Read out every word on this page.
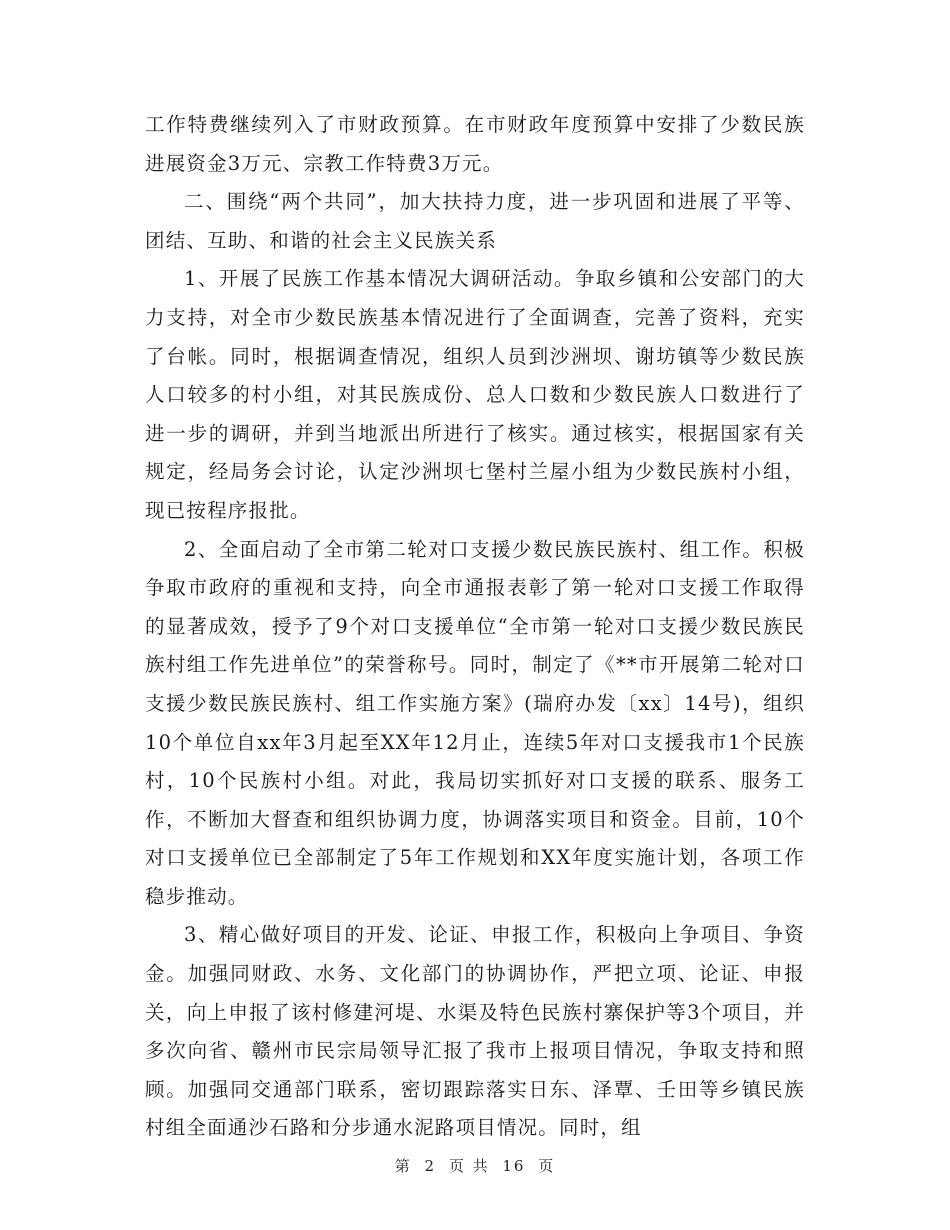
工作特费继续列入了市财政预算。在市财政年度预算中安排了少数民族进展资金3万元、宗教工作特费3万元。

二、围绕“两个共同”，加大扶持力度，进一步巩固和进展了平等、团结、互助、和谐的社会主义民族关系

1、开展了民族工作基本情况大调研活动。争取乡镇和公安部门的大力支持，对全市少数民族基本情况进行了全面调查，完善了资料，充实了台帐。同时，根据调查情况，组织人员到沙洲坝、谢坊镇等少数民族人口较多的村小组，对其民族成份、总人口数和少数民族人口数进行了进一步的调研，并到当地派出所进行了核实。通过核实，根据国家有关规定，经局务会讨论，认定沙洲坝七堡村兰屋小组为少数民族村小组，现已按程序报批。

2、全面启动了全市第二轮对口支援少数民族民族村、组工作。积极争取市政府的重视和支持，向全市通报表彰了第一轮对口支援工作取得的显著成效，授予了9个对口支援单位“全市第一轮对口支援少数民族民族村组工作先进单位”的荣誉称号。同时，制定了《**市开展第二轮对口支援少数民族民族村、组工作实施方案》(瑞府办发〔xx〕14号)，组织10个单位自xx年3月起至XX年12月止，连续5年对口支援我市1个民族村，10个民族村小组。对此，我局切实抓好对口支援的联系、服务工作，不断加大督查和组织协调力度，协调落实项目和资金。目前，10个对口支援单位已全部制定了5年工作规划和XX年度实施计划，各项工作稳步推动。

3、精心做好项目的开发、论证、申报工作，积极向上争项目、争资金。加强同财政、水务、文化部门的协调协作，严把立项、论证、申报关，向上申报了该村修建河堤、水渠及特色民族村寨保护等3个项目，并多次向省、赣州市民宗局领导汇报了我市上报项目情况，争取支持和照顾。加强同交通部门联系，密切跟踪落实日东、泽覃、壬田等乡镇民族村组全面通沙石路和分步通水泥路项目情况。同时，组

第 2 页 共 16 页
